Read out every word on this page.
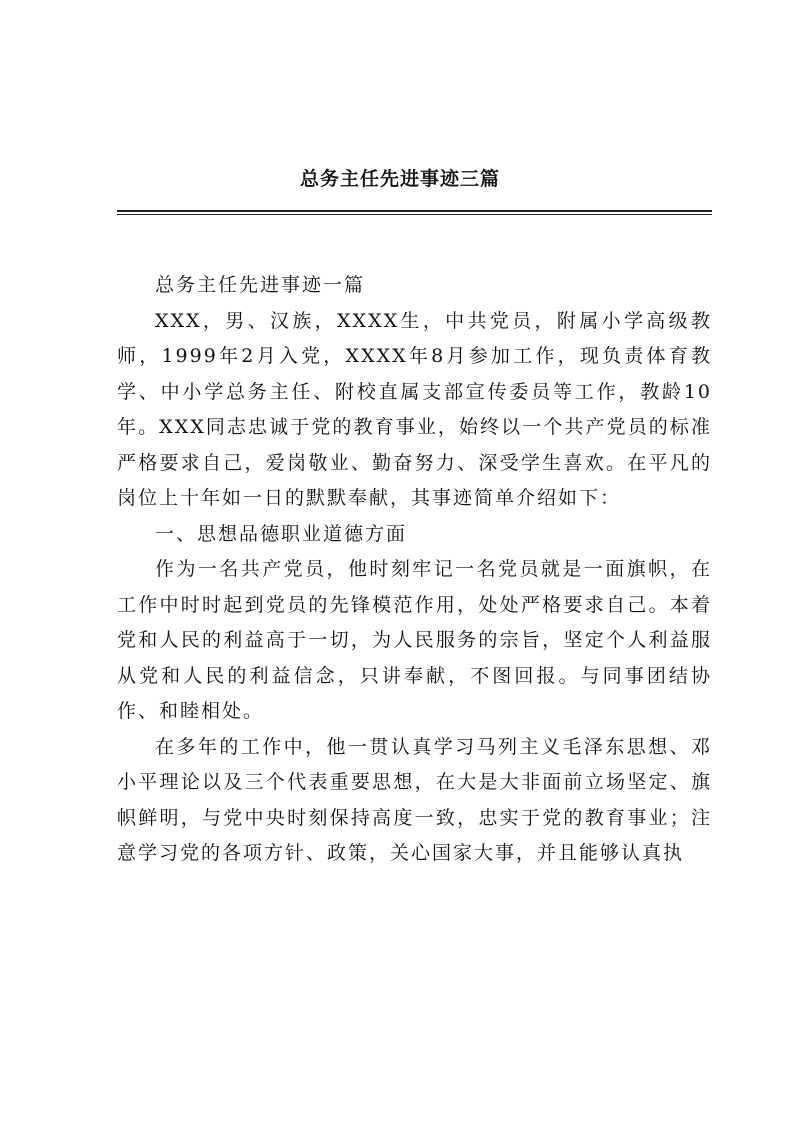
总务主任先进事迹三篇

总务主任先进事迹一篇

XXX，男、汉族，XXXX生，中共党员，附属小学高级教师，1999年2月入党，XXXX年8月参加工作，现负责体育教学、中小学总务主任、附校直属支部宣传委员等工作，教龄10年。XXX同志忠诚于党的教育事业，始终以一个共产党员的标准严格要求自己，爱岗敬业、勤奋努力、深受学生喜欢。在平凡的岗位上十年如一日的默默奉献，其事迹简单介绍如下：

一、思想品德职业道德方面

作为一名共产党员，他时刻牢记一名党员就是一面旗帜，在工作中时时起到党员的先锋模范作用，处处严格要求自己。本着党和人民的利益高于一切，为人民服务的宗旨，坚定个人利益服从党和人民的利益信念，只讲奉献，不图回报。与同事团结协作、和睦相处。

在多年的工作中，他一贯认真学习马列主义毛泽东思想、邓小平理论以及三个代表重要思想，在大是大非面前立场坚定、旗帜鲜明，与党中央时刻保持高度一致，忠实于党的教育事业；注意学习党的各项方针、政策，关心国家大事，并且能够认真执
